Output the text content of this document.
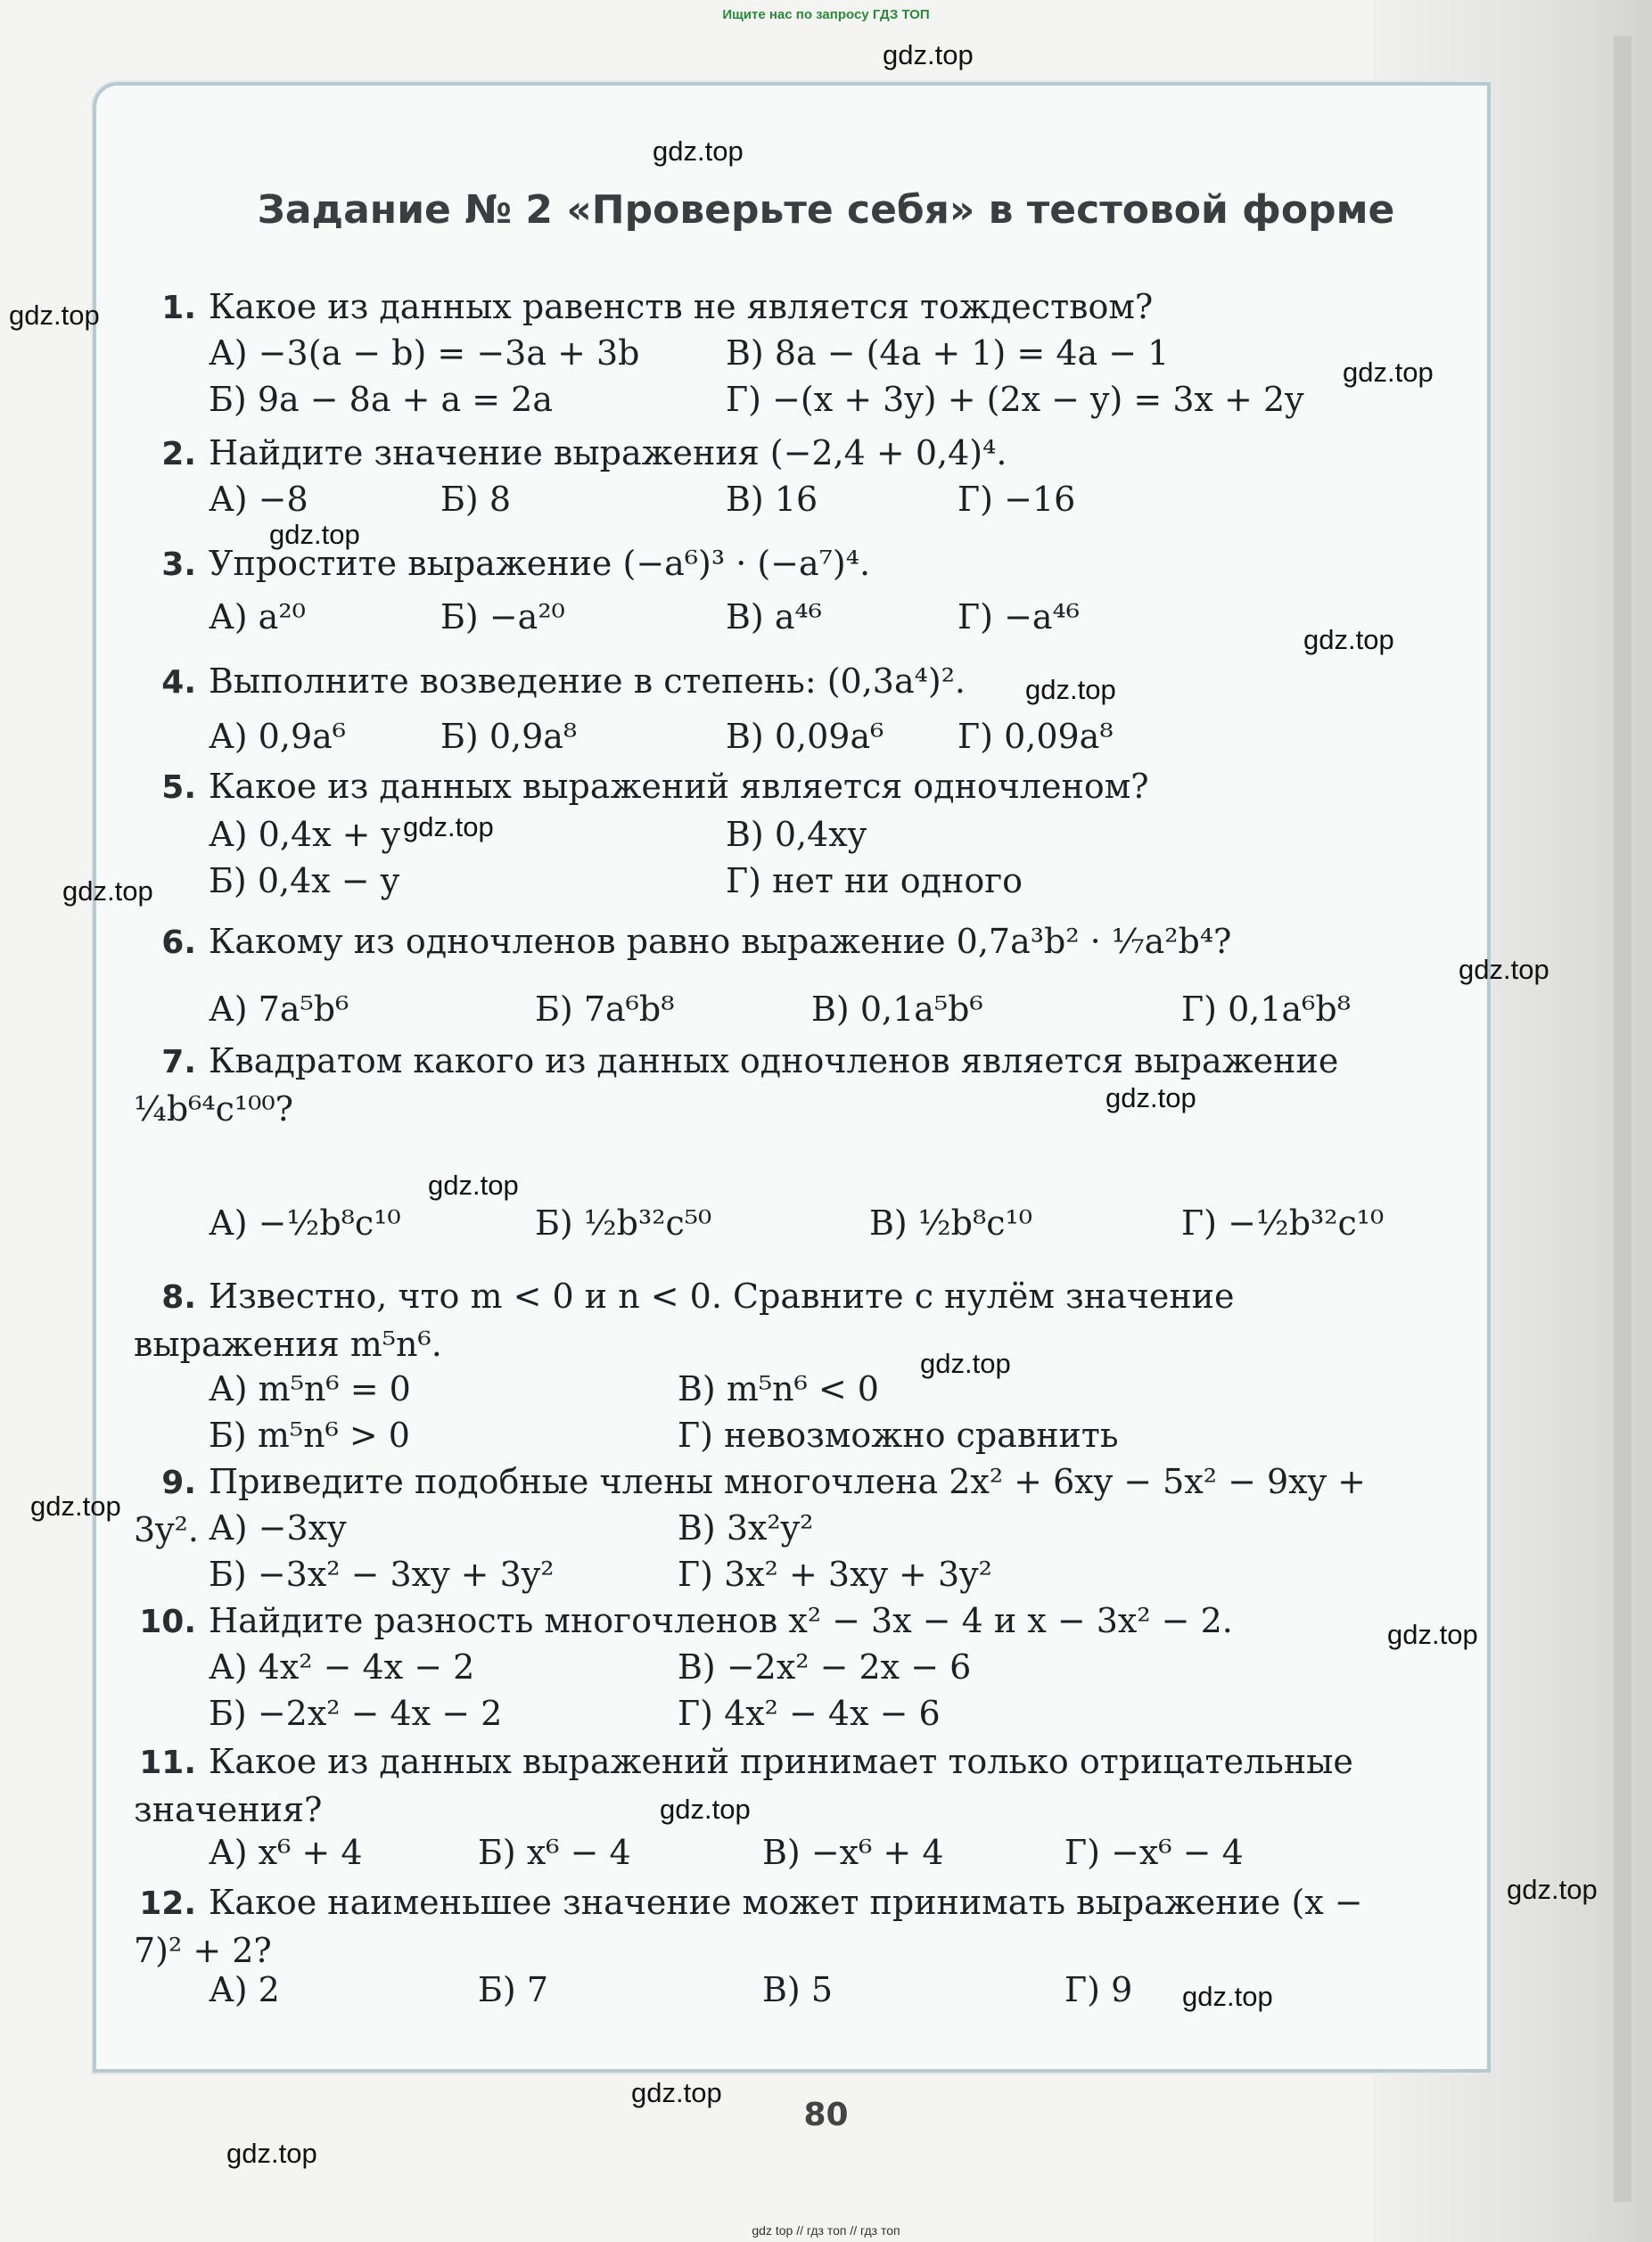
Ищите нас по запросу ГДЗ ТОП
Задание № 2 «Проверьте себя» в тестовой форме
1. Какое из данных равенств не является тождеством?
А) −3(a − b) = −3a + 3b	В) 8a − (4a + 1) = 4a − 1
Б) 9a − 8a + a = 2a	Г) −(x + 3y) + (2x − y) = 3x + 2y
2. Найдите значение выражения (−2,4 + 0,4)⁴.
А) −8	Б) 8	В) 16	Г) −16
3. Упростите выражение (−a⁶)³ · (−a⁷)⁴.
А) a²⁰	Б) −a²⁰	В) a⁴⁶	Г) −a⁴⁶
4. Выполните возведение в степень: (0,3a⁴)².
А) 0,9a⁶	Б) 0,9a⁸	В) 0,09a⁶ Г) 0,09a⁸
5. Какое из данных выражений является одночленом?
А) 0,4x + y	В) 0,4xy
Б) 0,4x − y	Г) нет ни одного
6. Какому из одночленов равно выражение 0,7a³b² · ¹⁄₇a²b⁴?
А) 7a⁵b⁶	Б) 7a⁶b⁸	В) 0,1a⁵b⁶	Г) 0,1a⁶b⁸
7. Квадратом какого из данных одночленов является выражение ¹⁄₄b⁶⁴c¹⁰⁰?
А) −½b⁸c¹⁰	Б) ½b³²c⁵⁰	В) ½b⁸c¹⁰	Г) −½b³²c¹⁰
8. Известно, что m < 0 и n < 0. Сравните с нулём значение выражения m⁵n⁶.
А) m⁵n⁶ = 0	В) m⁵n⁶ < 0
Б) m⁵n⁶ > 0	Г) невозможно сравнить
9. Приведите подобные члены многочлена 2x² + 6xy − 5x² − 9xy + 3y². А) −3xy	В) 3x²y²
Б) −3x² − 3xy + 3y²	Г) 3x² + 3xy + 3y²
10. Найдите разность многочленов x² − 3x − 4 и x − 3x² − 2.
А) 4x² − 4x − 2	В) −2x² − 2x − 6
Б) −2x² − 4x − 2	Г) 4x² − 4x − 6
11. Какое из данных выражений принимает только отрицательные значения?
А) x⁶ + 4	Б) x⁶ − 4	В) −x⁶ + 4	Г) −x⁶ − 4
12. Какое наименьшее значение может принимать выражение (x − 7)² + 2?
А) 2	Б) 7	В) 5	Г) 9
80
gdz.top
gdz.top
gdz.top
gdz.top
gdz.top
gdz.top
gdz.top
gdz.top
gdz.top
gdz.top
gdz.top
gdz.top
gdz.top
gdz.top
gdz.top
gdz.top
gdz.top
gdz.top
gdz.top
gdz.top
gdz top // гдз топ // гдз топ
